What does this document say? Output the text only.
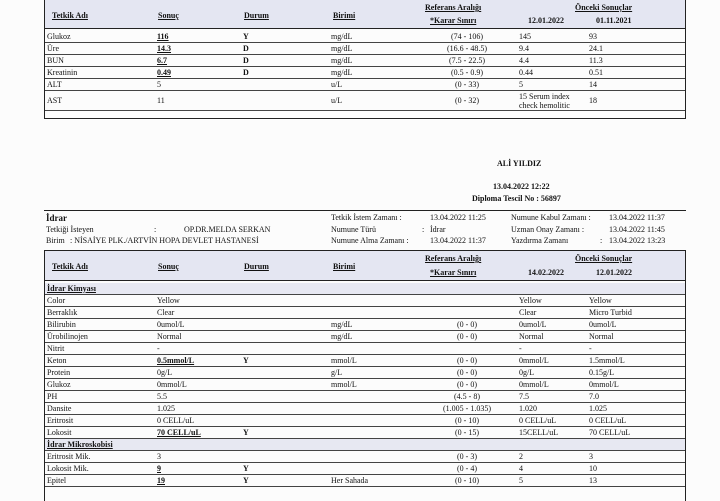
Tetkik Adı	Sonuç	Durum	Birimi
Referans Aralığı
*Karar Sınırı
Önceki Sonuçlar
12.01.2022	01.11.2021
Glukoz	116	Y	mg/dL	(74 - 106)	145	93
Üre	14.3	D	mg/dL	(16.6 - 48.5)	9.4	24.1
BUN	6.7	D	mg/dL	(7.5 - 22.5)	4.4	11.3
Kreatinin	0.49	D	mg/dL	(0.5 - 0.9)	0.44	0.51
ALT	5		u/L	(0 - 33)	5	14
AST	11		u/L	(0 - 32)	15 Serum index check hemolitic	18
ALİ YILDIZ
13.04.2022 12:22
Diploma Tescil No : 56897
İdrar
Tetkiği İsteyen	:	OP.DR.MELDA SERKAN
Birim : NİSAİYE PLK./ARTVİN HOPA DEVLET HASTANESİ
Tetkik İstem Zamanı :	13.04.2022 11:25
Numune Türü	: İdrar
Numune Alma Zamanı :	13.04.2022 11:37
Numune Kabul Zamanı : 13.04.2022 11:37
Uzman Onay Zamanı :	13.04.2022 11:45
Yazdırma Zamanı	: 13.04.2022 13:23
Tetkik Adı	Sonuç	Durum	Birimi
Referans Aralığı
*Karar Sınırı
Önceki Sonuçlar
14.02.2022	12.01.2022
İdrar Kimyası						
Color	Yellow				Yellow	Yellow
Berraklık	Clear				Clear	Micro Turbid
Bilirubin	0umol/L		mg/dL	(0 - 0)	0umol/L	0umol/L
Ürobilinojen	Normal		mg/dL	(0 - 0)	Normal	Normal
Nitrit	-				-	-
Keton	0.5mmol/L	Y	mmol/L	(0 - 0)	0mmol/L	1.5mmol/L
Protein	0g/L		g/L	(0 - 0)	0g/L	0.15g/L
Glukoz	0mmol/L		mmol/L	(0 - 0)	0mmol/L	0mmol/L
PH	5.5			(4.5 - 8)	7.5	7.0
Dansite	1.025			(1.005 - 1.035)	1.020	1.025
Eritrosit	0 CELL/uL			(0 - 10)	0 CELL/uL	0 CELL/uL
Lokosit	70 CELL/uL	Y		(0 - 15)	15CELL/uL	70 CELL/uL
İdrar Mikroskobisi						
Eritrosit Mik.	3			(0 - 3)	2	3
Lokosit Mik.	9	Y		(0 - 4)	4	10
Epitel	19	Y	Her Sahada	(0 - 10)	5	13
